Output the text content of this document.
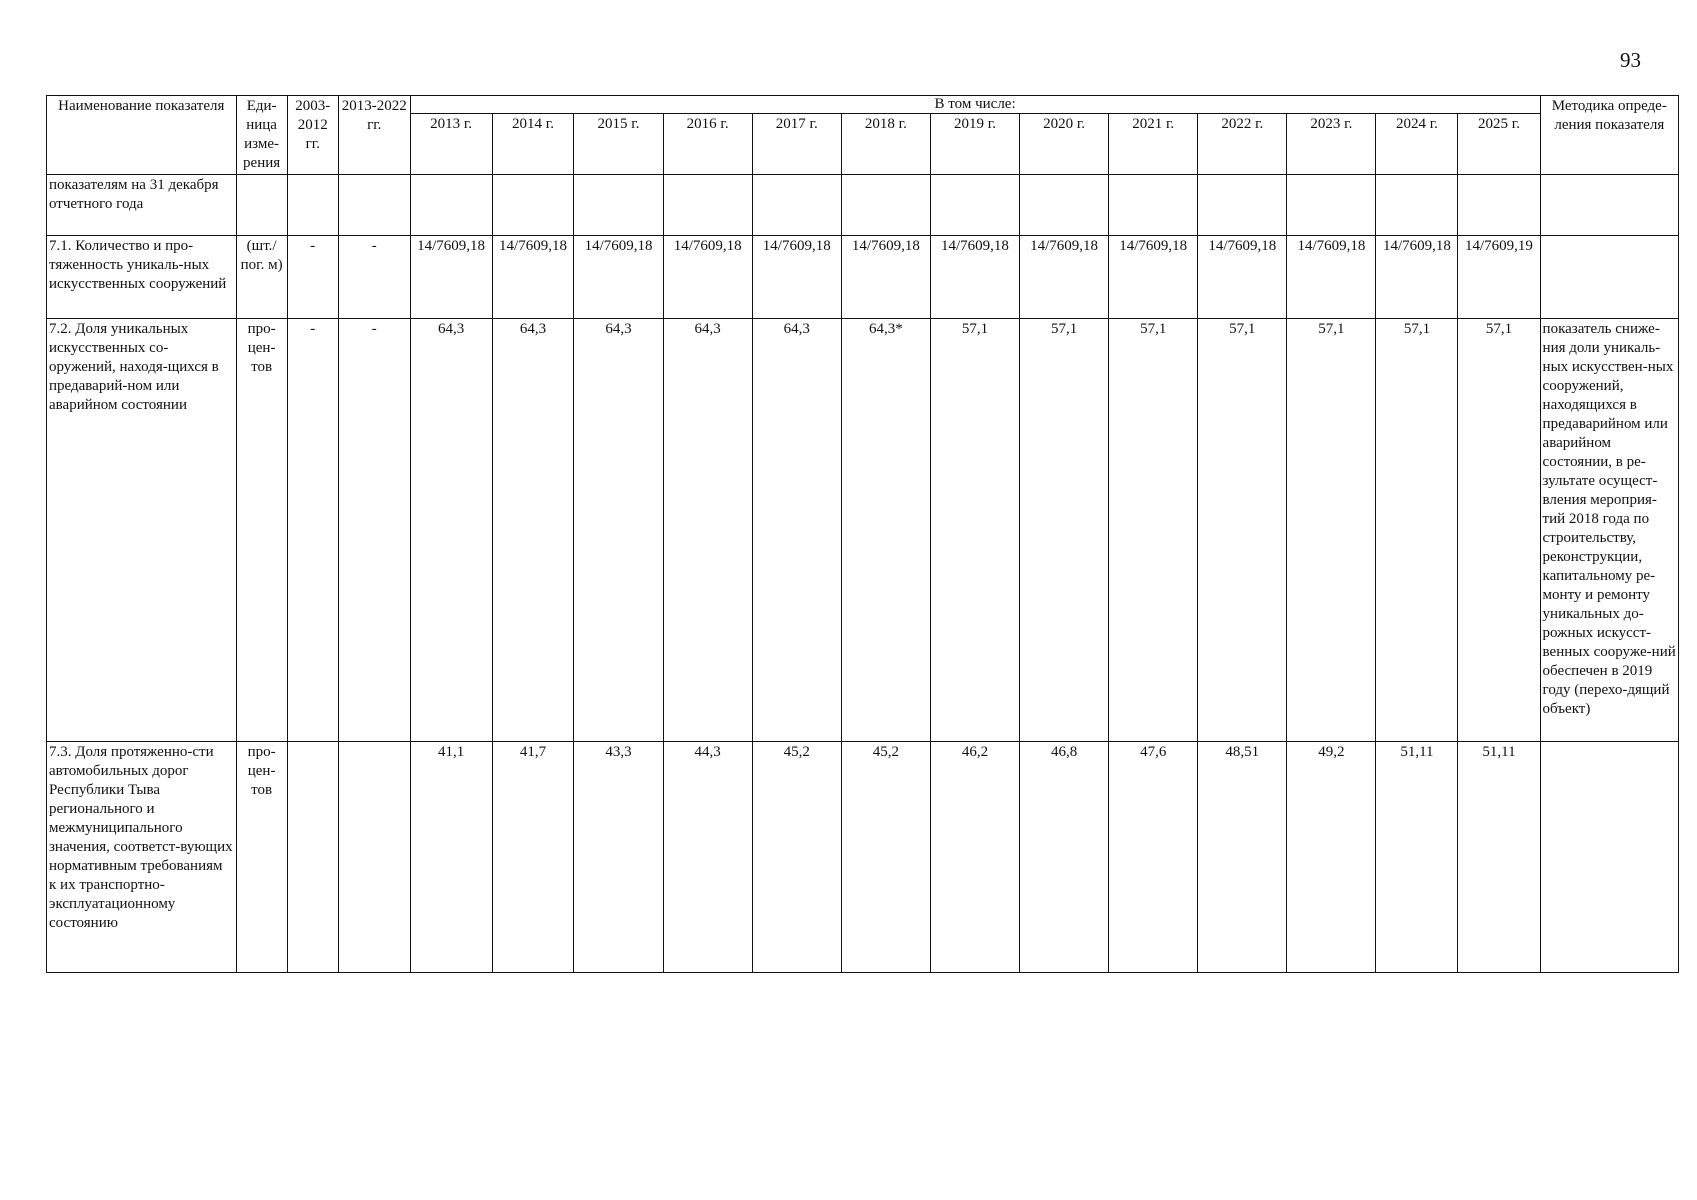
93
Наименование показателя	Еди-ница изме-рения	2003-2012 гг.	2013-2022 гг.	В том числе:													Методика опреде-ления показателя
				2013 г.	2014 г.	2015 г.	2016 г.	2017 г.	2018 г.	2019 г.	2020 г.	2021 г.	2022 г.	2023 г.	2024 г.	2025 г.	
показателям на 31 декабря отчетного года																	
7.1. Количество и про-тяженность уникаль-ных искусственных сооружений	(шт./пог. м)	-	-	14/7609,18	14/7609,18	14/7609,18	14/7609,18	14/7609,18	14/7609,18	14/7609,18	14/7609,18	14/7609,18	14/7609,18	14/7609,18	14/7609,18	14/7609,19	
7.2. Доля уникальных искусственных со-оружений, находя-щихся в предаварий-ном или аварийном состоянии	про-цен-тов	-	-	64,3	64,3	64,3	64,3	64,3	64,3*	57,1	57,1	57,1	57,1	57,1	57,1	57,1	показатель сниже-ния доли уникаль-ных искусствен-ных сооружений, находящихся в предаварийном или аварийном состоянии, в ре-зультате осущест-вления мероприя-тий 2018 года по строительству, реконструкции, капитальному ре-монту и ремонту уникальных до-рожных искусст-венных сооруже-ний обеспечен в 2019 году (перехо-дящий объект)
7.3. Доля протяженно-сти автомобильных дорог Республики Тыва регионального и межмуниципального значения, соответст-вующих нормативным требованиям к их транспортно-эксплуатационному состоянию	про-цен-тов			41,1	41,7	43,3	44,3	45,2	45,2	46,2	46,8	47,6	48,51	49,2	51,11	51,11	
